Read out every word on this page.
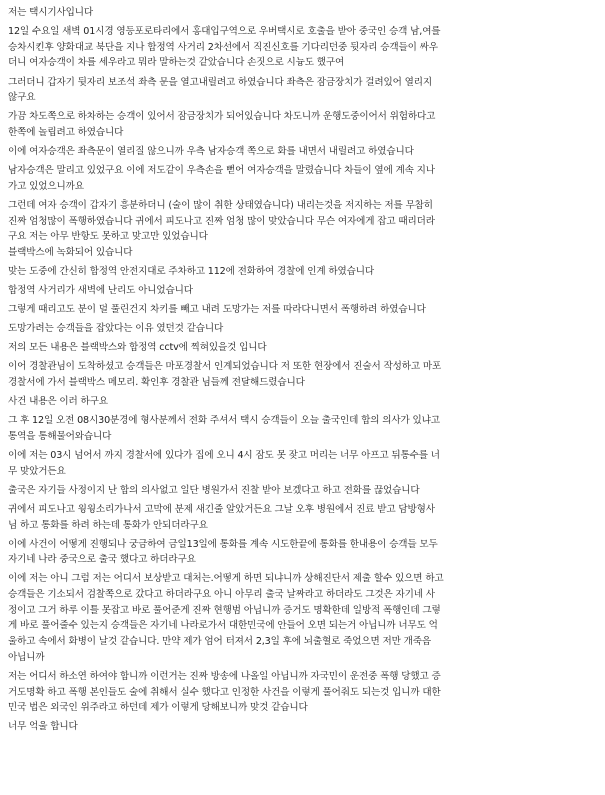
저는 택시기사입니다
12일 수요일 새벽 01시경 영등포로타리에서 홍대입구역으로 우버택시로 호출을 받아 중국인 승객 남,여를
승차시킨후 양화대교 북단을 지나 합정역 사거리 2차선에서 직진신호를 기다리던중 뒷자리 승객들이 싸우
더니 여자승객이 차를 세우라고 뭐라 말하는것 같았습니다 손짓으로 시늉도 했구여
그러더니 갑자기 뒷자리 보조석 좌측 문을 열고내릴려고 하였습니다 좌측은 잠금장치가 걸려있어 열리지
않구요
가끔 차도쪽으로 하차하는 승객이 있어서 잠금장치가 되어있습니다 차도니까 운행도중이어서 위험하다고
한쪽에 놀립려고 하였습니다
이에 여자승객은 좌측문이 열리질 않으니까 우측 남자승객 쪽으로 화를 내면서 내릴려고 하였습니다
남자승객은 말리고 있었구요 이에 저도같이 우측손을 뻗어 여자승객을 말렸습니다 차들이 옆에 계속 지나
가고 있었으니까요
그런데 여자 승객이 갑자기 흥분하더니 (술이 많이 취한 상태였습니다) 내리는것을 저지하는 저를 무참히
진짜 엄청많이 폭행하였습니다 귀에서 피도나고 진짜 엄청 많이 맞았습니다 무슨 여자에게 잡고 때리더라
구요 저는 아무 반항도 못하고 맞고만 있었습니다
블랙박스에 녹화되어 있습니다
맞는 도중에 간신히 합정역 안전지대로 주차하고 112에 전화하여 경찰에 인계 하였습니다
합정역 사거리가 새벽에 난리도 아니었습니다
그렇게 때리고도 분이 덜 풀린건지 차키를 빼고 내려 도망가는 저를 따라다니면서 폭행하려 하였습니다
도망가려는 승객들을 잡았다는 이유 였던것 같습니다
저의 모든 내용은 블랙박스와 합정역 cctv에 찍혀있을것 입니다
이어 경찰관님이 도착하셨고 승객들은 마포경찰서 인계되었습니다 저 또한 현장에서 진술서 작성하고 마포
경찰서에 가서 블랙박스 메모리. 확인후 경찰관 님들께 전달해드렸습니다
사건 내용은 이러 하구요
그 후 12일 오전 08시30분경에 형사분께서 전화 주셔서 택시 승객들이 오늘 출국인데 합의 의사가 있냐고
통역을 통해물어와습니다
이에 저는 03시 넘어서 까지 경찰서에 있다가 집에 오니 4시 잠도 못 잦고 머리는 너무 아프고 뒤통수를 너
무 맞았거든요
출국은 자기들 사정이지 난 합의 의사없고 일단 병원가서 진찰 받아 보겠다고 하고 전화를 끊었습니다
귀에서 피도나고 윙윙소리가나서 고막에 분제 새긴줄 알았거든요 그날 오후 병원에서 진료 받고 담방형사
님 하고 통화를 하려 하는데 통화가 안되더라구요
이에 사건이 어떻게 진행되나 궁금하여 금일13일에 통화를 계속 시도한끝에 통화를 한내용이 승객들 모두
자기네 나라 중국으로 출국 했다고 하더라구요
이에 저는 아니 그럼 저는 어디서 보상받고 대처는.어떻게 하면 되냐니까 상해진단서 제출 할수 있으면 하고
승객들은 기소되서 검찰쪽으로 갔다고 하더라구요 아니 아무리 출국 날짜라고 하더라도 그것은 자기네 사
정이고 그거 하루 이틀 못잡고 바로 풀어준게 진짜 현행범 아닙니까 증거도 명확한데 일방적 폭행인데 그렇
게 바로 풀어줄수 있는지 승객들은 자기네 나라로가서 대한민국에 안들어 오면 되는거 아닙니까 너무도 억
울하고 속에서 화병이 날것 같습니다. 만약 제가 엄어 터져서 2,3일 후에 뇌출혈로 죽었으면 저만 개죽음
아닙니까
저는 어디서 하소연 하여야 합니까 이런거는 진짜 방송에 나올일 아닙니까 자국민이 운전중 폭행 당했고 증
거도명확 하고 폭행 본인들도 술에 취해서 실수 했다고 인정한 사건을 이렇게 풀어줘도 되는것 입니까 대한
민국 법은 외국인 위주라고 하던데 제가 이렇게 당해보니까 맞것 같습니다
너무 억울 합니다
